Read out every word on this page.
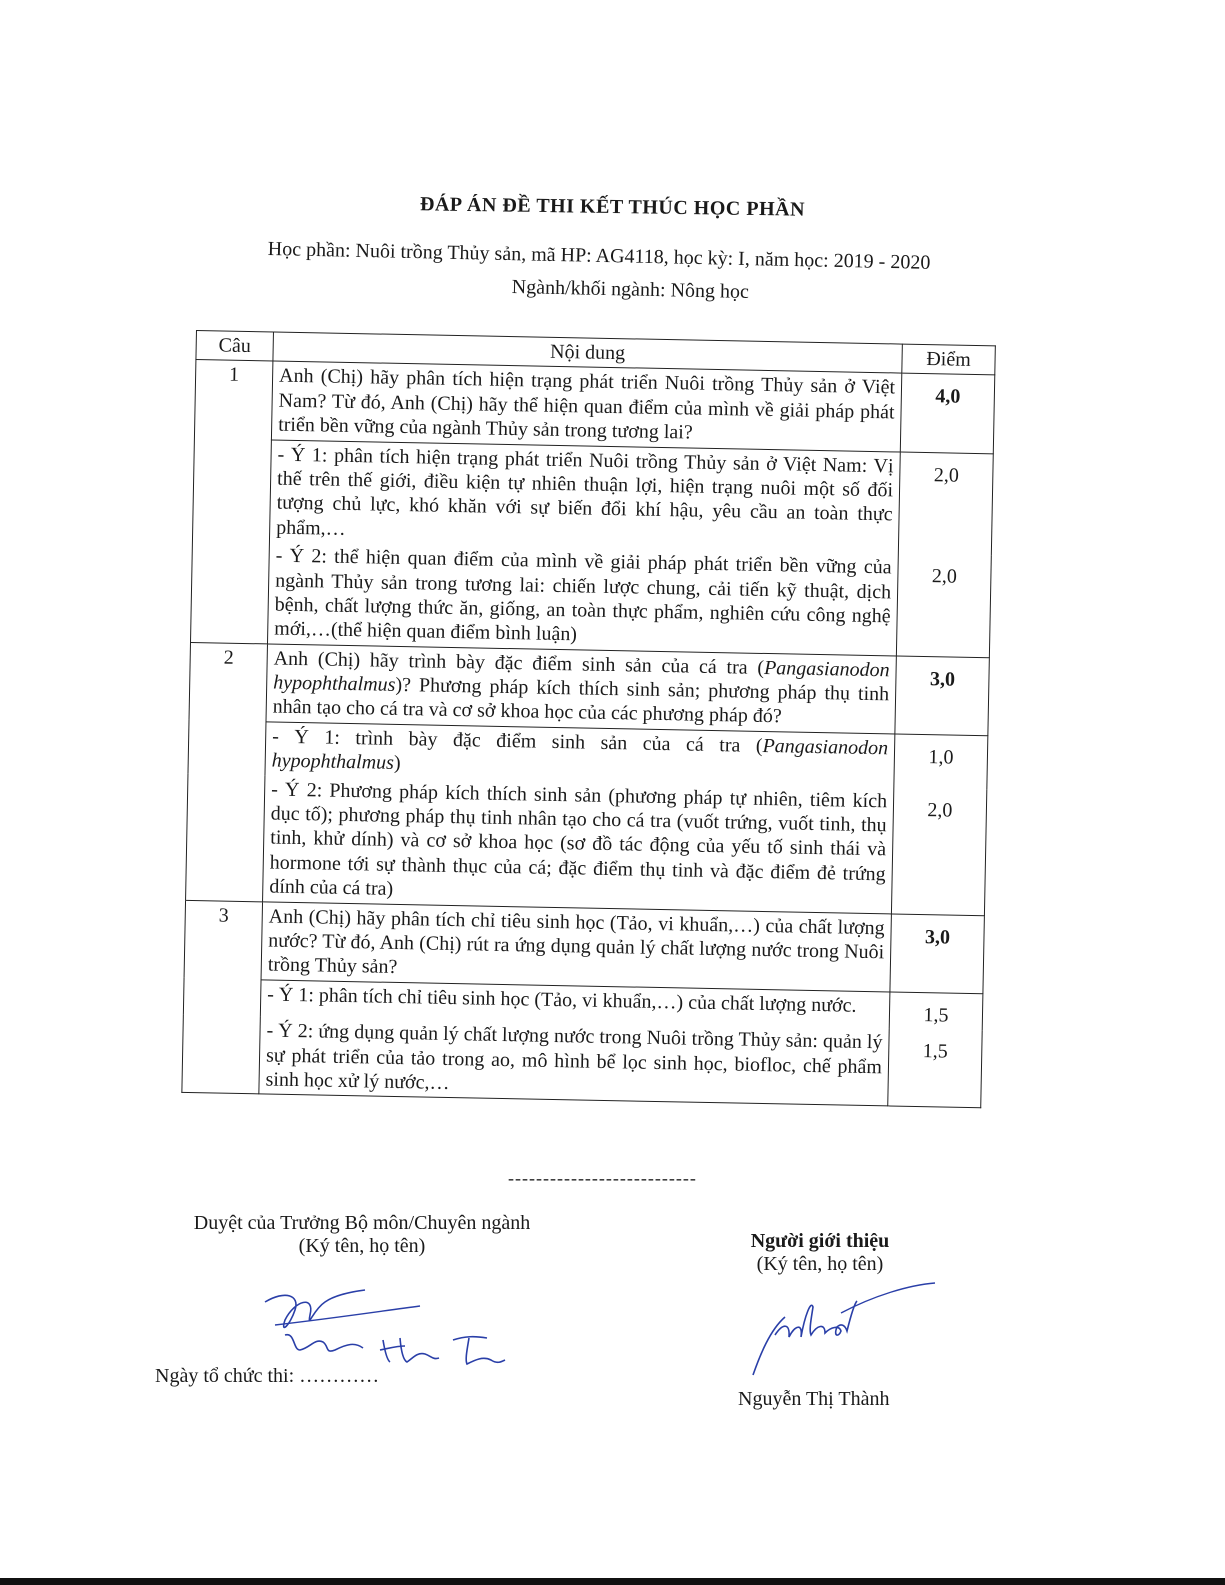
ĐÁP ÁN ĐỀ THI KẾT THÚC HỌC PHẦN
Học phần: Nuôi trồng Thủy sản, mã HP: AG4118, học kỳ: I, năm học: 2019 - 2020
Ngành/khối ngành: Nông học
Câu	Nội dung	Điểm
1	Anh (Chị) hãy phân tích hiện trạng phát triển Nuôi trồng Thủy sản ở Việt Nam? Từ đó, Anh (Chị) hãy thể hiện quan điểm của mình về giải pháp phát triển bền vững của ngành Thủy sản trong tương lai?	4,0

	- Ý 1: phân tích hiện trạng phát triển Nuôi trồng Thủy sản ở Việt Nam: Vị thế trên thế giới, điều kiện tự nhiên thuận lợi, hiện trạng nuôi một số đối tượng chủ lực, khó khăn với sự biến đổi khí hậu, yêu cầu an toàn thực phẩm,…	2,0

	- Ý 2: thể hiện quan điểm của mình về giải pháp phát triển bền vững của ngành Thủy sản trong tương lai: chiến lược chung, cải tiến kỹ thuật, dịch bệnh, chất lượng thức ăn, giống, an toàn thực phẩm, nghiên cứu công nghệ mới,…(thể hiện quan điểm bình luận)	2,0

2	Anh (Chị) hãy trình bày đặc điểm sinh sản của cá tra (Pangasianodon hypophthalmus)? Phương pháp kích thích sinh sản; phương pháp thụ tinh nhân tạo cho cá tra và cơ sở khoa học của các phương pháp đó?	3,0

	- Ý 1: trình bày đặc điểm sinh sản của cá tra (Pangasianodon hypophthalmus)	1,0

	- Ý 2: Phương pháp kích thích sinh sản (phương pháp tự nhiên, tiêm kích dục tố); phương pháp thụ tinh nhân tạo cho cá tra (vuốt trứng, vuốt tinh, thụ tinh, khử dính) và cơ sở khoa học (sơ đồ tác động của yếu tố sinh thái và hormone tới sự thành thục của cá; đặc điểm thụ tinh và đặc điểm đẻ trứng dính của cá tra)	2,0

3	Anh (Chị) hãy phân tích chỉ tiêu sinh học (Tảo, vi khuẩn,…) của chất lượng nước? Từ đó, Anh (Chị) rút ra ứng dụng quản lý chất lượng nước trong Nuôi trồng Thủy sản?	3,0

	- Ý 1: phân tích chỉ tiêu sinh học (Tảo, vi khuẩn,…) của chất lượng nước.	1,5

	- Ý 2: ứng dụng quản lý chất lượng nước trong Nuôi trồng Thủy sản: quản lý sự phát triển của tảo trong ao, mô hình bể lọc sinh học, biofloc, chế phẩm sinh học xử lý nước,…	1,5
---------------------------
Duyệt của Trưởng Bộ môn/Chuyên ngành
(Ký tên, họ tên)
Ngày tổ chức thi: …………
Người giới thiệu
(Ký tên, họ tên)
Nguyễn Thị Thành
